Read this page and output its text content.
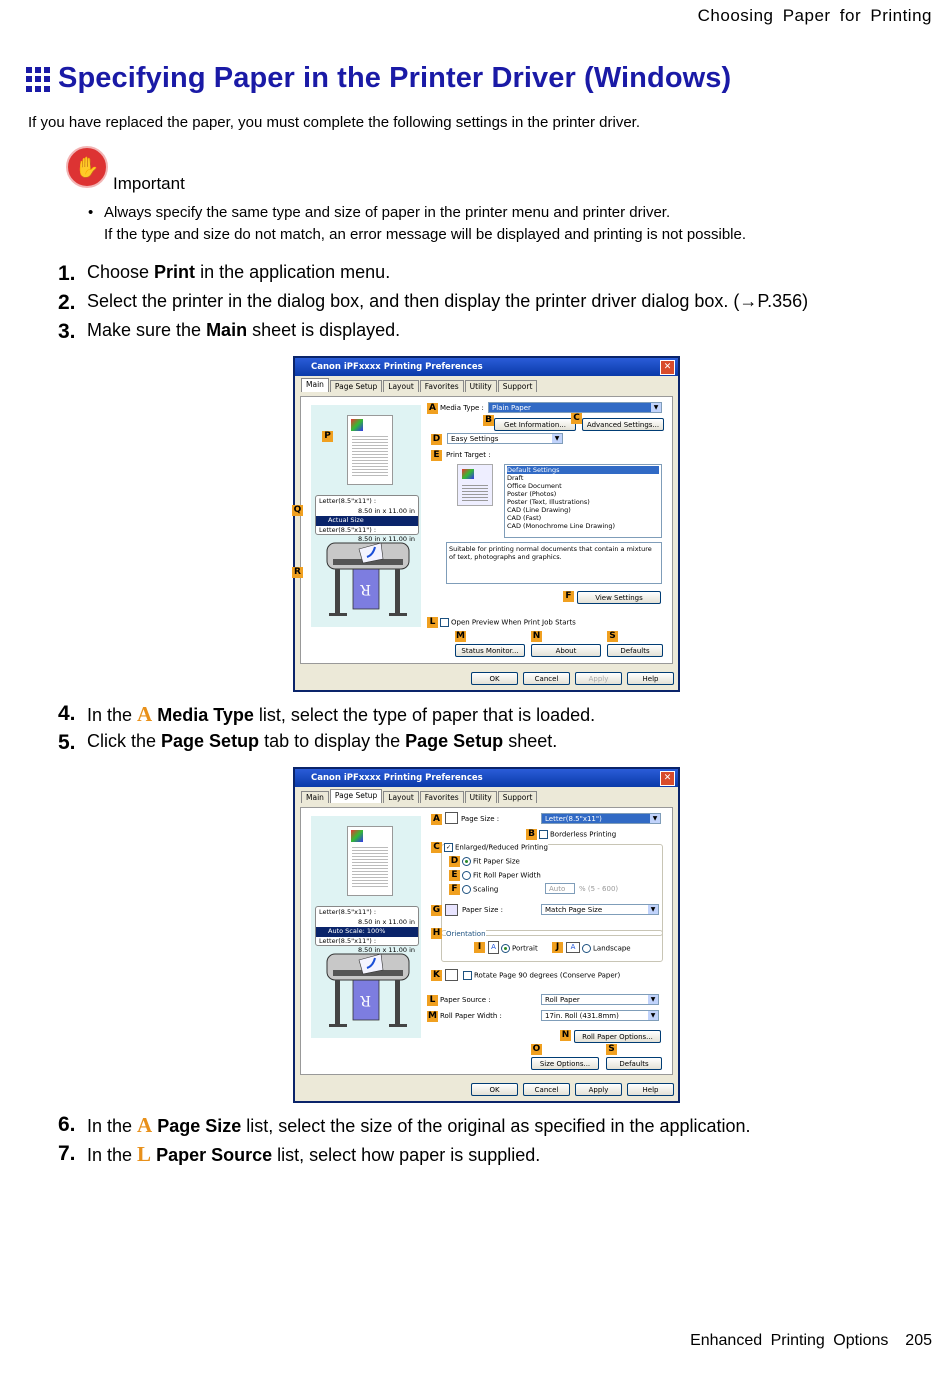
Choosing Paper for Printing
Specifying Paper in the Printer Driver (Windows)
If you have replaced the paper, you must complete the following settings in the printer driver.
✋
Important
• Always specify the same type and size of paper in the printer menu and printer driver.
If the type and size do not match, an error message will be displayed and printing is not possible.
1. Choose Print in the application menu.
2. Select the printer in the dialog box, and then display the printer driver dialog box. (→P.356)
3. Make sure the Main sheet is displayed.
Canon iPFxxxx Printing Preferences	✕
Main	Page Setup	Layout	Favorites	Utility	Support
Letter(8.5"x11") :
8.50 in x 11.00 in
Actual Size
Letter(8.5"x11") :
8.50 in x 11.00 in
R
P
Q
R
A Media Type :	Plain Paper	▼
B	Get Information...
C
Advanced Settings...
D	Easy Settings	▼
E Print Target :
Default Settings
Draft
Office Document
Poster (Photos)
Poster (Text, Illustrations)
CAD (Line Drawing)
CAD (Fast)
CAD (Monochrome Line Drawing)
Suitable for printing normal documents that contain a mixture of text, photographs and graphics.
F	View Settings
L	Open Preview When Print Job Starts
M	N	S
Status Monitor...	About	Defaults
OK	Cancel	Apply	Help
4. In the A Media Type list, select the type of paper that is loaded.
5. Click the Page Setup tab to display the Page Setup sheet.
Canon iPFxxxx Printing Preferences	✕
Main	Page Setup	Layout	Favorites	Utility	Support
Letter(8.5"x11") :
8.50 in x 11.00 in
Auto Scale: 100%
Letter(8.5"x11") :
8.50 in x 11.00 in
R
A	Page Size :	Letter(8.5"x11")	▼
B	Borderless Printing
C	✓ Enlarged/Reduced Printing
D	Fit Paper Size
E	Fit Roll Paper Width
F	Scaling	Auto	% (5 - 600)
G	Paper Size :	Match Page Size	▼
H Orientation
I	A	Portrait	J	A	Landscape
K	Rotate Page 90 degrees (Conserve Paper)
L Paper Source :	Roll Paper	▼
M Roll Paper Width :	17in. Roll (431.8mm)	▼
N	Roll Paper Options...
O	S
Size Options...	Defaults
OK	Cancel	Apply	Help
6. In the A Page Size list, select the size of the original as specified in the application.
7. In the L Paper Source list, select how paper is supplied.
Enhanced Printing Options 205
